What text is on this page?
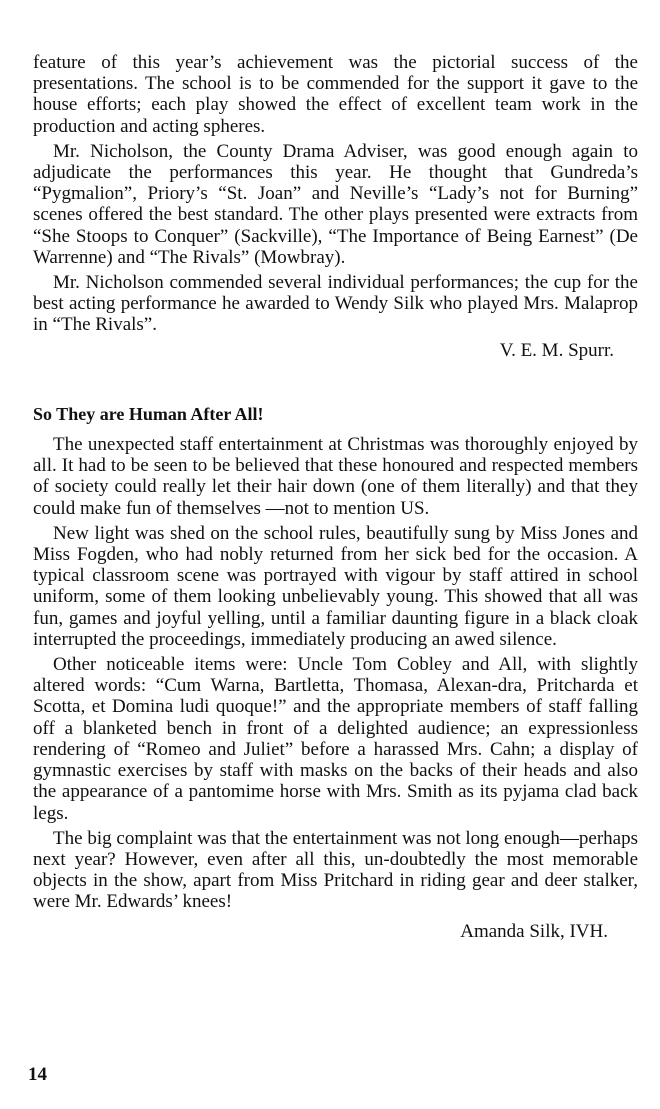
feature of this year’s achievement was the pictorial success of the presentations. The school is to be commended for the support it gave to the house efforts; each play showed the effect of excellent team work in the production and acting spheres.

Mr. Nicholson, the County Drama Adviser, was good enough again to adjudicate the performances this year. He thought that Gundreda’s “Pygmalion”, Priory’s “St. Joan” and Neville’s “Lady’s not for Burning” scenes offered the best standard. The other plays presented were extracts from “She Stoops to Conquer” (Sackville), “The Importance of Being Earnest” (De Warrenne) and “The Rivals” (Mowbray).

Mr. Nicholson commended several individual performances; the cup for the best acting performance he awarded to Wendy Silk who played Mrs. Malaprop in “The Rivals”.

V. E. M. Spurr.
So They are Human After All!

The unexpected staff entertainment at Christmas was thoroughly enjoyed by all. It had to be seen to be believed that these honoured and respected members of society could really let their hair down (one of them literally) and that they could make fun of themselves —not to mention US.

New light was shed on the school rules, beautifully sung by Miss Jones and Miss Fogden, who had nobly returned from her sick bed for the occasion. A typical classroom scene was portrayed with vigour by staff attired in school uniform, some of them looking unbelievably young. This showed that all was fun, games and joyful yelling, until a familiar daunting figure in a black cloak interrupted the proceedings, immediately producing an awed silence.

Other noticeable items were: Uncle Tom Cobley and All, with slightly altered words: “Cum Warna, Bartletta, Thomasa, Alexan-dra, Pritcharda et Scotta, et Domina ludi quoque!” and the appropriate members of staff falling off a blanketed bench in front of a delighted audience; an expressionless rendering of “Romeo and Juliet” before a harassed Mrs. Cahn; a display of gymnastic exercises by staff with masks on the backs of their heads and also the appearance of a pantomime horse with Mrs. Smith as its pyjama clad back legs.

The big complaint was that the entertainment was not long enough—perhaps next year? However, even after all this, un-doubtedly the most memorable objects in the show, apart from Miss Pritchard in riding gear and deer stalker, were Mr. Edwards’ knees!

Amanda Silk, IVH.
14
